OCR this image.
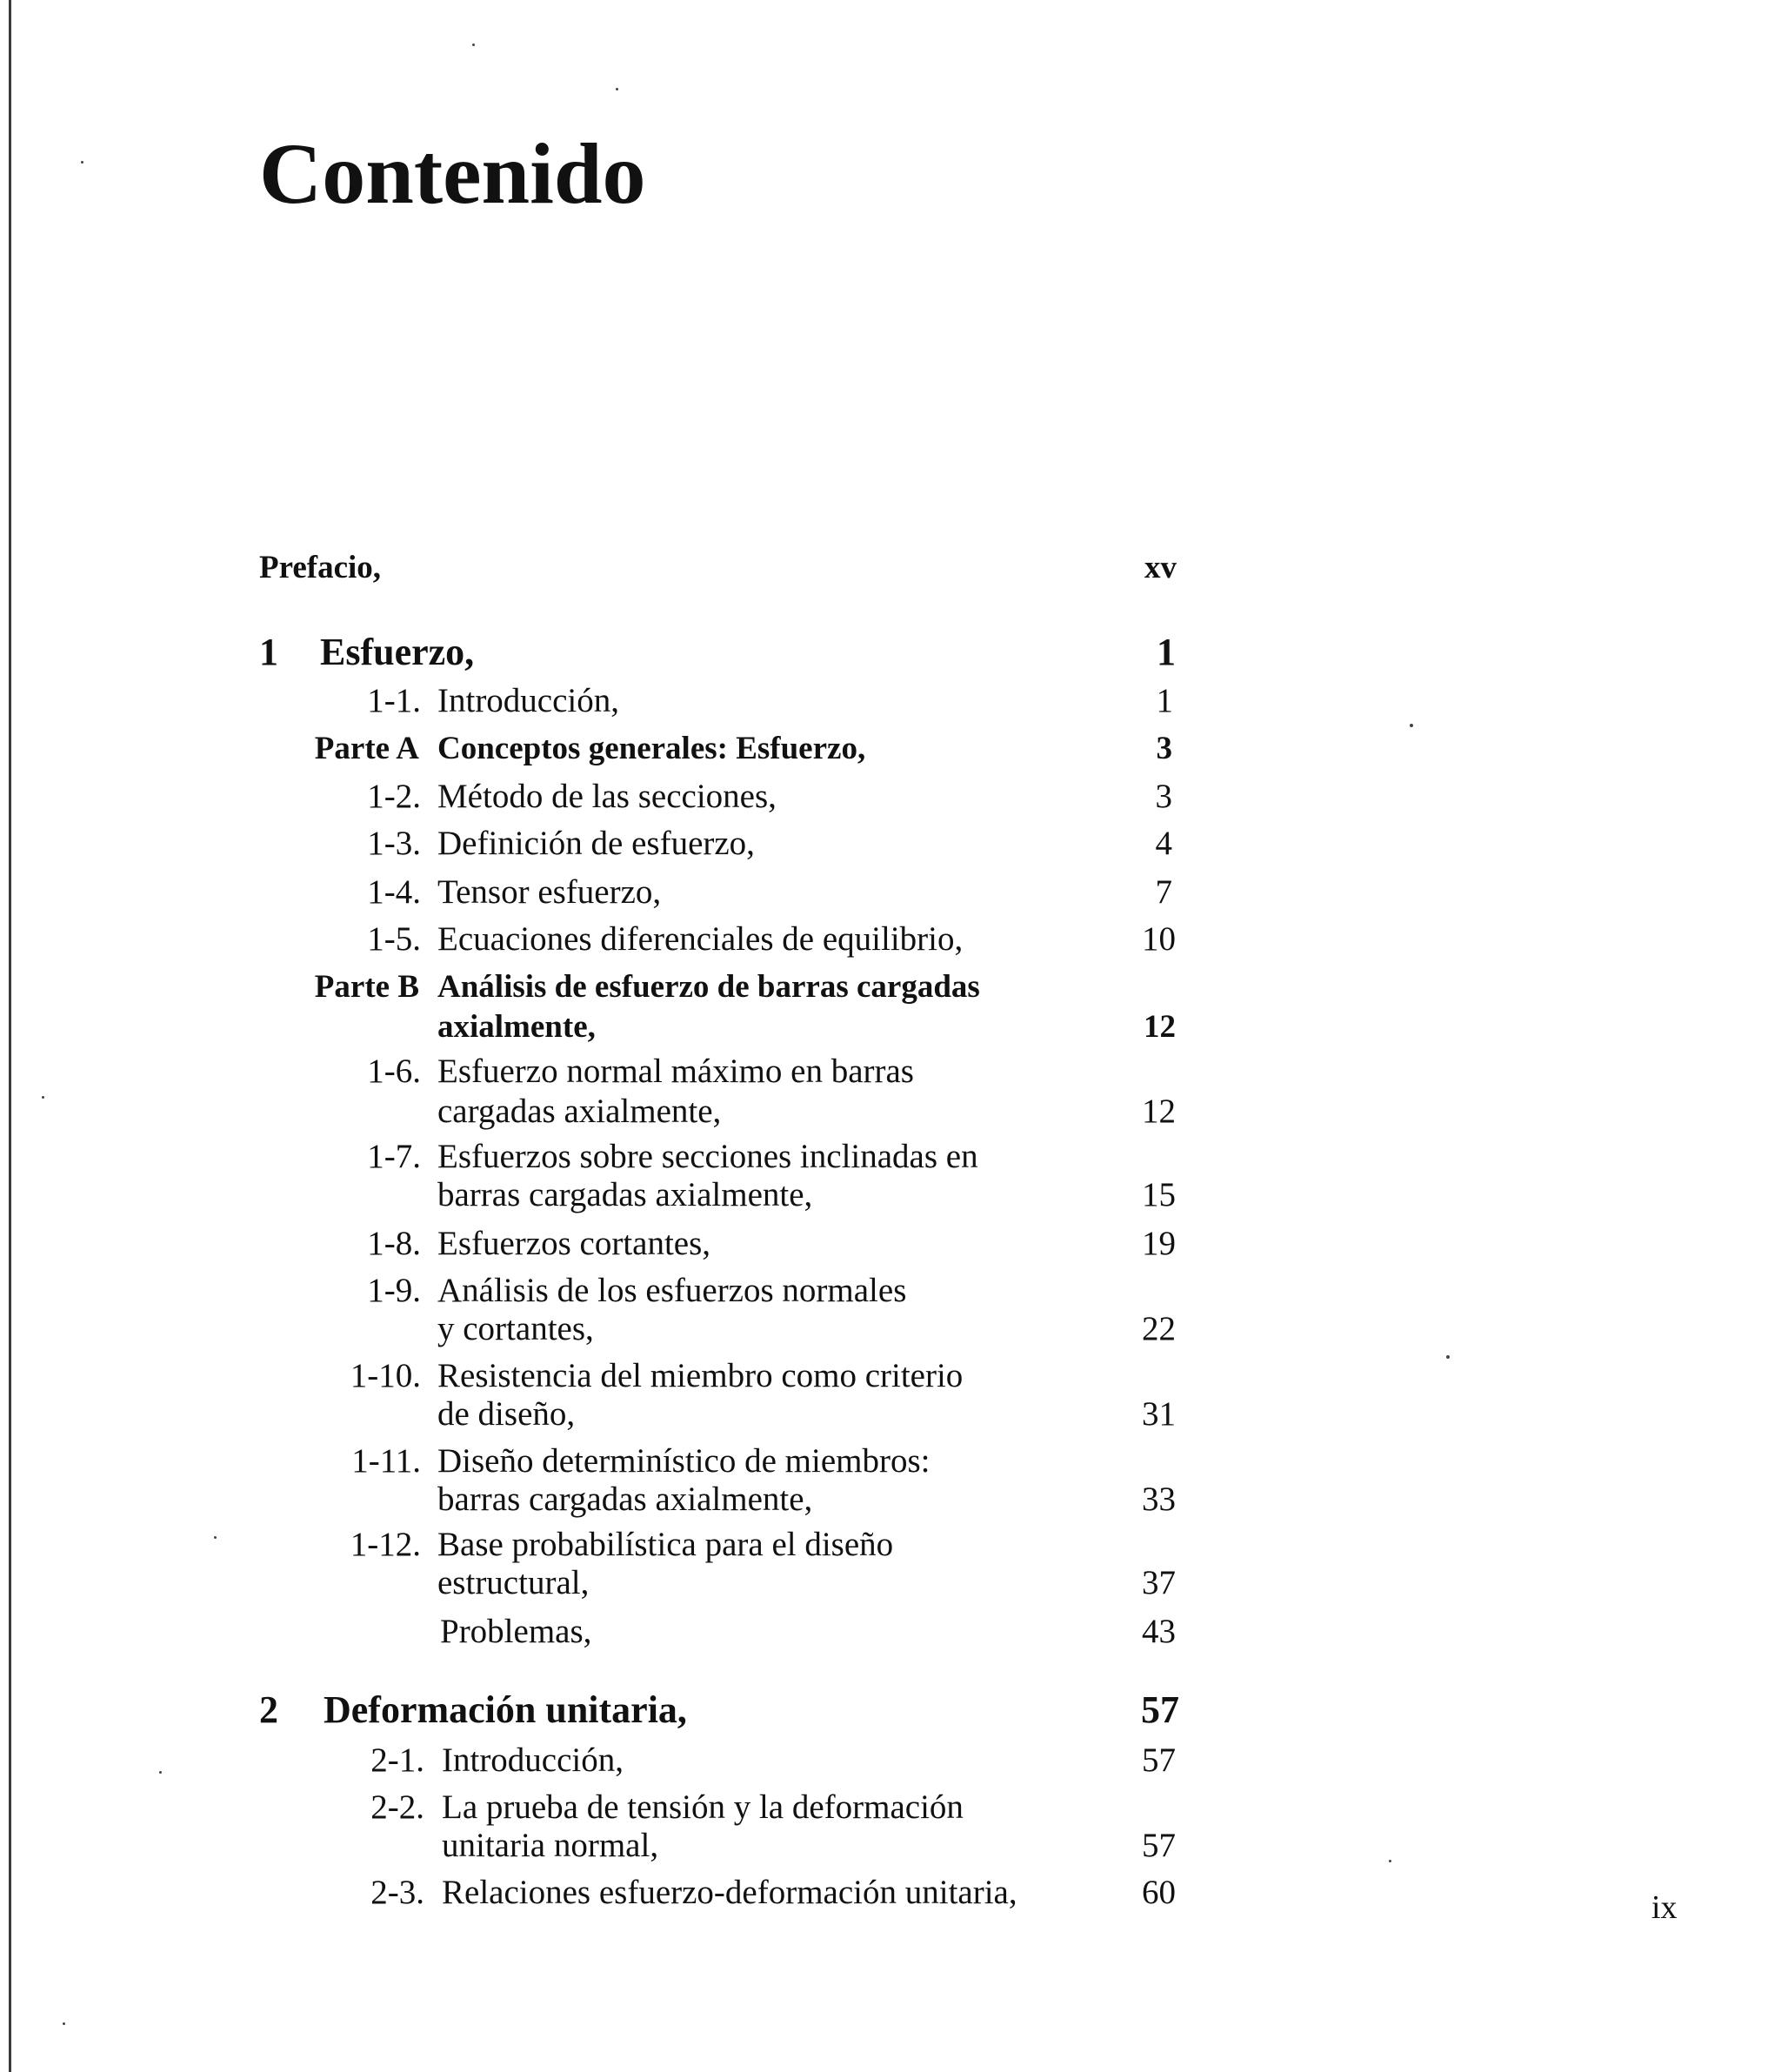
Contenido
Prefacio,	xv
1 Esfuerzo,	1
1-1. Introducción,	1
Parte A Conceptos generales: Esfuerzo,	3
1-2. Método de las secciones,	3
1-3. Definición de esfuerzo,	4
1-4. Tensor esfuerzo,	7
1-5. Ecuaciones diferenciales de equilibrio,	10
Parte B Análisis de esfuerzo de barras cargadas
axialmente,	12
1-6. Esfuerzo normal máximo en barras
cargadas axialmente,	12
1-7. Esfuerzos sobre secciones inclinadas en
barras cargadas axialmente,	15
1-8. Esfuerzos cortantes,	19
1-9. Análisis de los esfuerzos normales
y cortantes,	22
1-10. Resistencia del miembro como criterio
de diseño,	31
1-11. Diseño determinístico de miembros:
barras cargadas axialmente,	33
1-12. Base probabilística para el diseño
estructural,	37
Problemas,	43
2 Deformación unitaria,	57
2-1. Introducción,	57
2-2. La prueba de tensión y la deformación
unitaria normal,	57
2-3. Relaciones esfuerzo-deformación unitaria,	60	ix
